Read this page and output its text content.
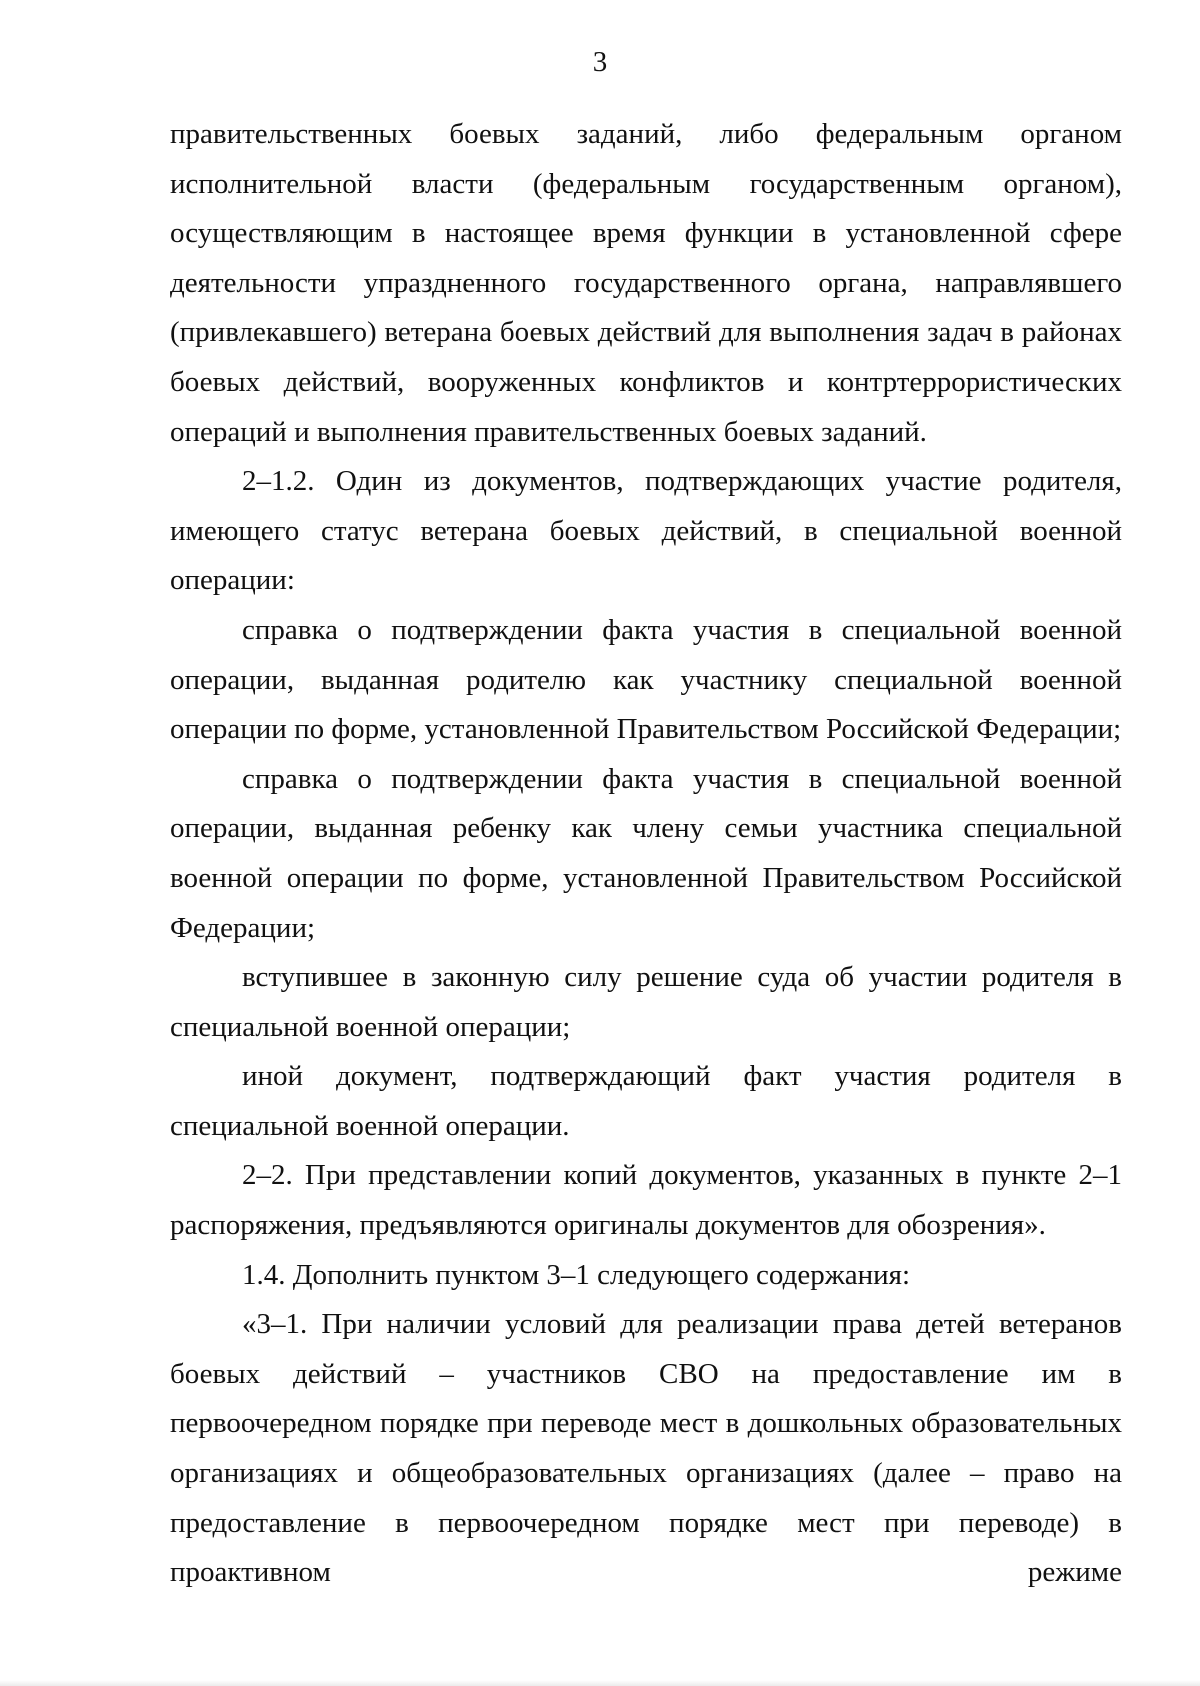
3

правительственных боевых заданий, либо федеральным органом исполнительной власти (федеральным государственным органом), осуществляющим в настоящее время функции в установленной сфере деятельности упраздненного государственного органа, направлявшего (привлекавшего) ветерана боевых действий для выполнения задач в районах боевых действий, вооруженных конфликтов и контртеррористических операций и выполнения правительственных боевых заданий.

2–1.2. Один из документов, подтверждающих участие родителя, имеющего статус ветерана боевых действий, в специальной военной операции:

справка о подтверждении факта участия в специальной военной операции, выданная родителю как участнику специальной военной операции по форме, установленной Правительством Российской Федерации;

справка о подтверждении факта участия в специальной военной операции, выданная ребенку как члену семьи участника специальной военной операции по форме, установленной Правительством Российской Федерации;

вступившее в законную силу решение суда об участии родителя в специальной военной операции;

иной документ, подтверждающий факт участия родителя в специальной военной операции.

2–2. При представлении копий документов, указанных в пункте 2–1 распоряжения, предъявляются оригиналы документов для обозрения».

1.4. Дополнить пунктом 3–1 следующего содержания:

«3–1. При наличии условий для реализации права детей ветеранов боевых действий – участников СВО на предоставление им в первоочередном порядке при переводе мест в дошкольных образовательных организациях и общеобразовательных организациях (далее – право на предоставление в первоочередном порядке мест при переводе) в проактивном режиме
